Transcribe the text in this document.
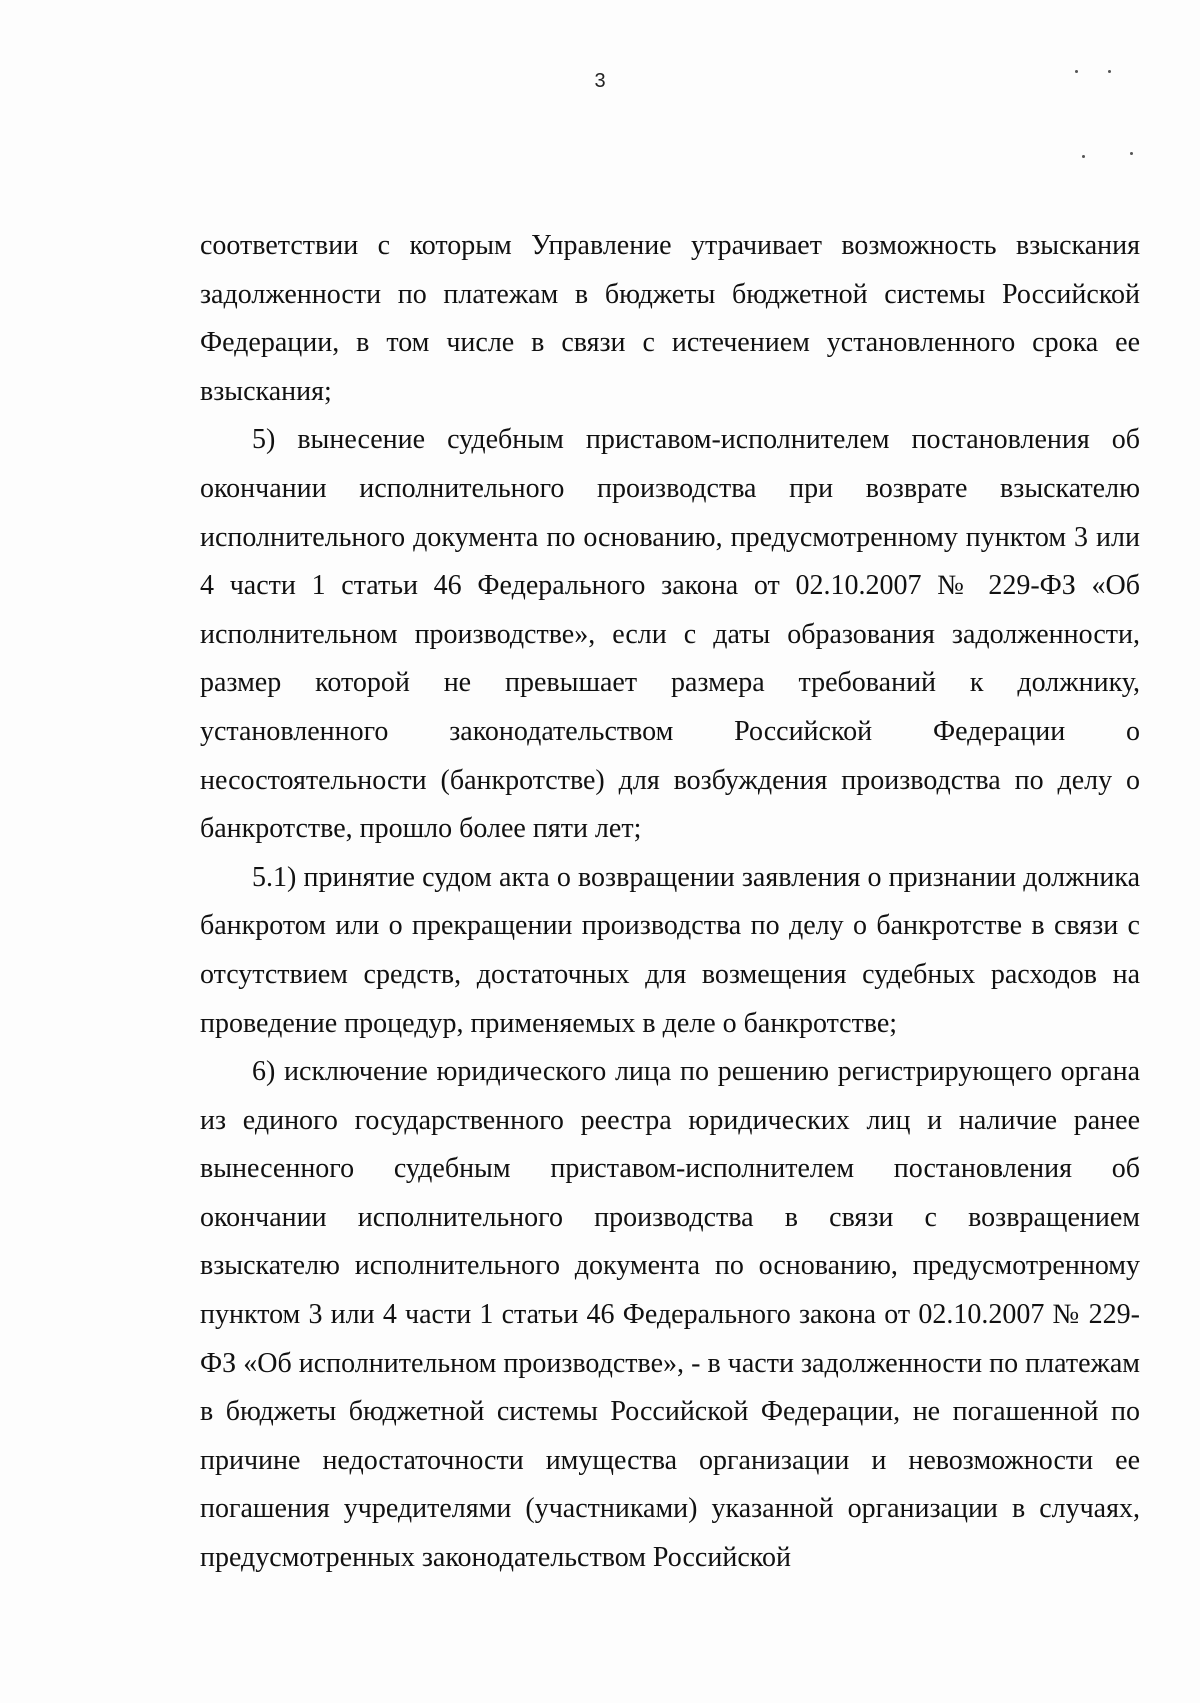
3

соответствии с которым Управление утрачивает возможность взыскания задолженности по платежам в бюджеты бюджетной системы Российской Федерации, в том числе в связи с истечением установленного срока ее взыскания;

5) вынесение судебным приставом-исполнителем постановления об окончании исполнительного производства при возврате взыскателю исполнительного документа по основанию, предусмотренному пунктом 3 или 4 части 1 статьи 46 Федерального закона от 02.10.2007 № 229-ФЗ «Об исполнительном производстве», если с даты образования задолженности, размер которой не превышает размера требований к должнику, установленного законодательством Российской Федерации о несостоятельности (банкротстве) для возбуждения производства по делу о банкротстве, прошло более пяти лет;

5.1) принятие судом акта о возвращении заявления о признании должника банкротом или о прекращении производства по делу о банкротстве в связи с отсутствием средств, достаточных для возмещения судебных расходов на проведение процедур, применяемых в деле о банкротстве;

6) исключение юридического лица по решению регистрирующего органа из единого государственного реестра юридических лиц и наличие ранее вынесенного судебным приставом-исполнителем постановления об окончании исполнительного производства в связи с возвращением взыскателю исполнительного документа по основанию, предусмотренному пунктом 3 или 4 части 1 статьи 46 Федерального закона от 02.10.2007 № 229-ФЗ «Об исполнительном производстве», - в части задолженности по платежам в бюджеты бюджетной системы Российской Федерации, не погашенной по причине недостаточности имущества организации и невозможности ее погашения учредителями (участниками) указанной организации в случаях, предусмотренных законодательством Российской
